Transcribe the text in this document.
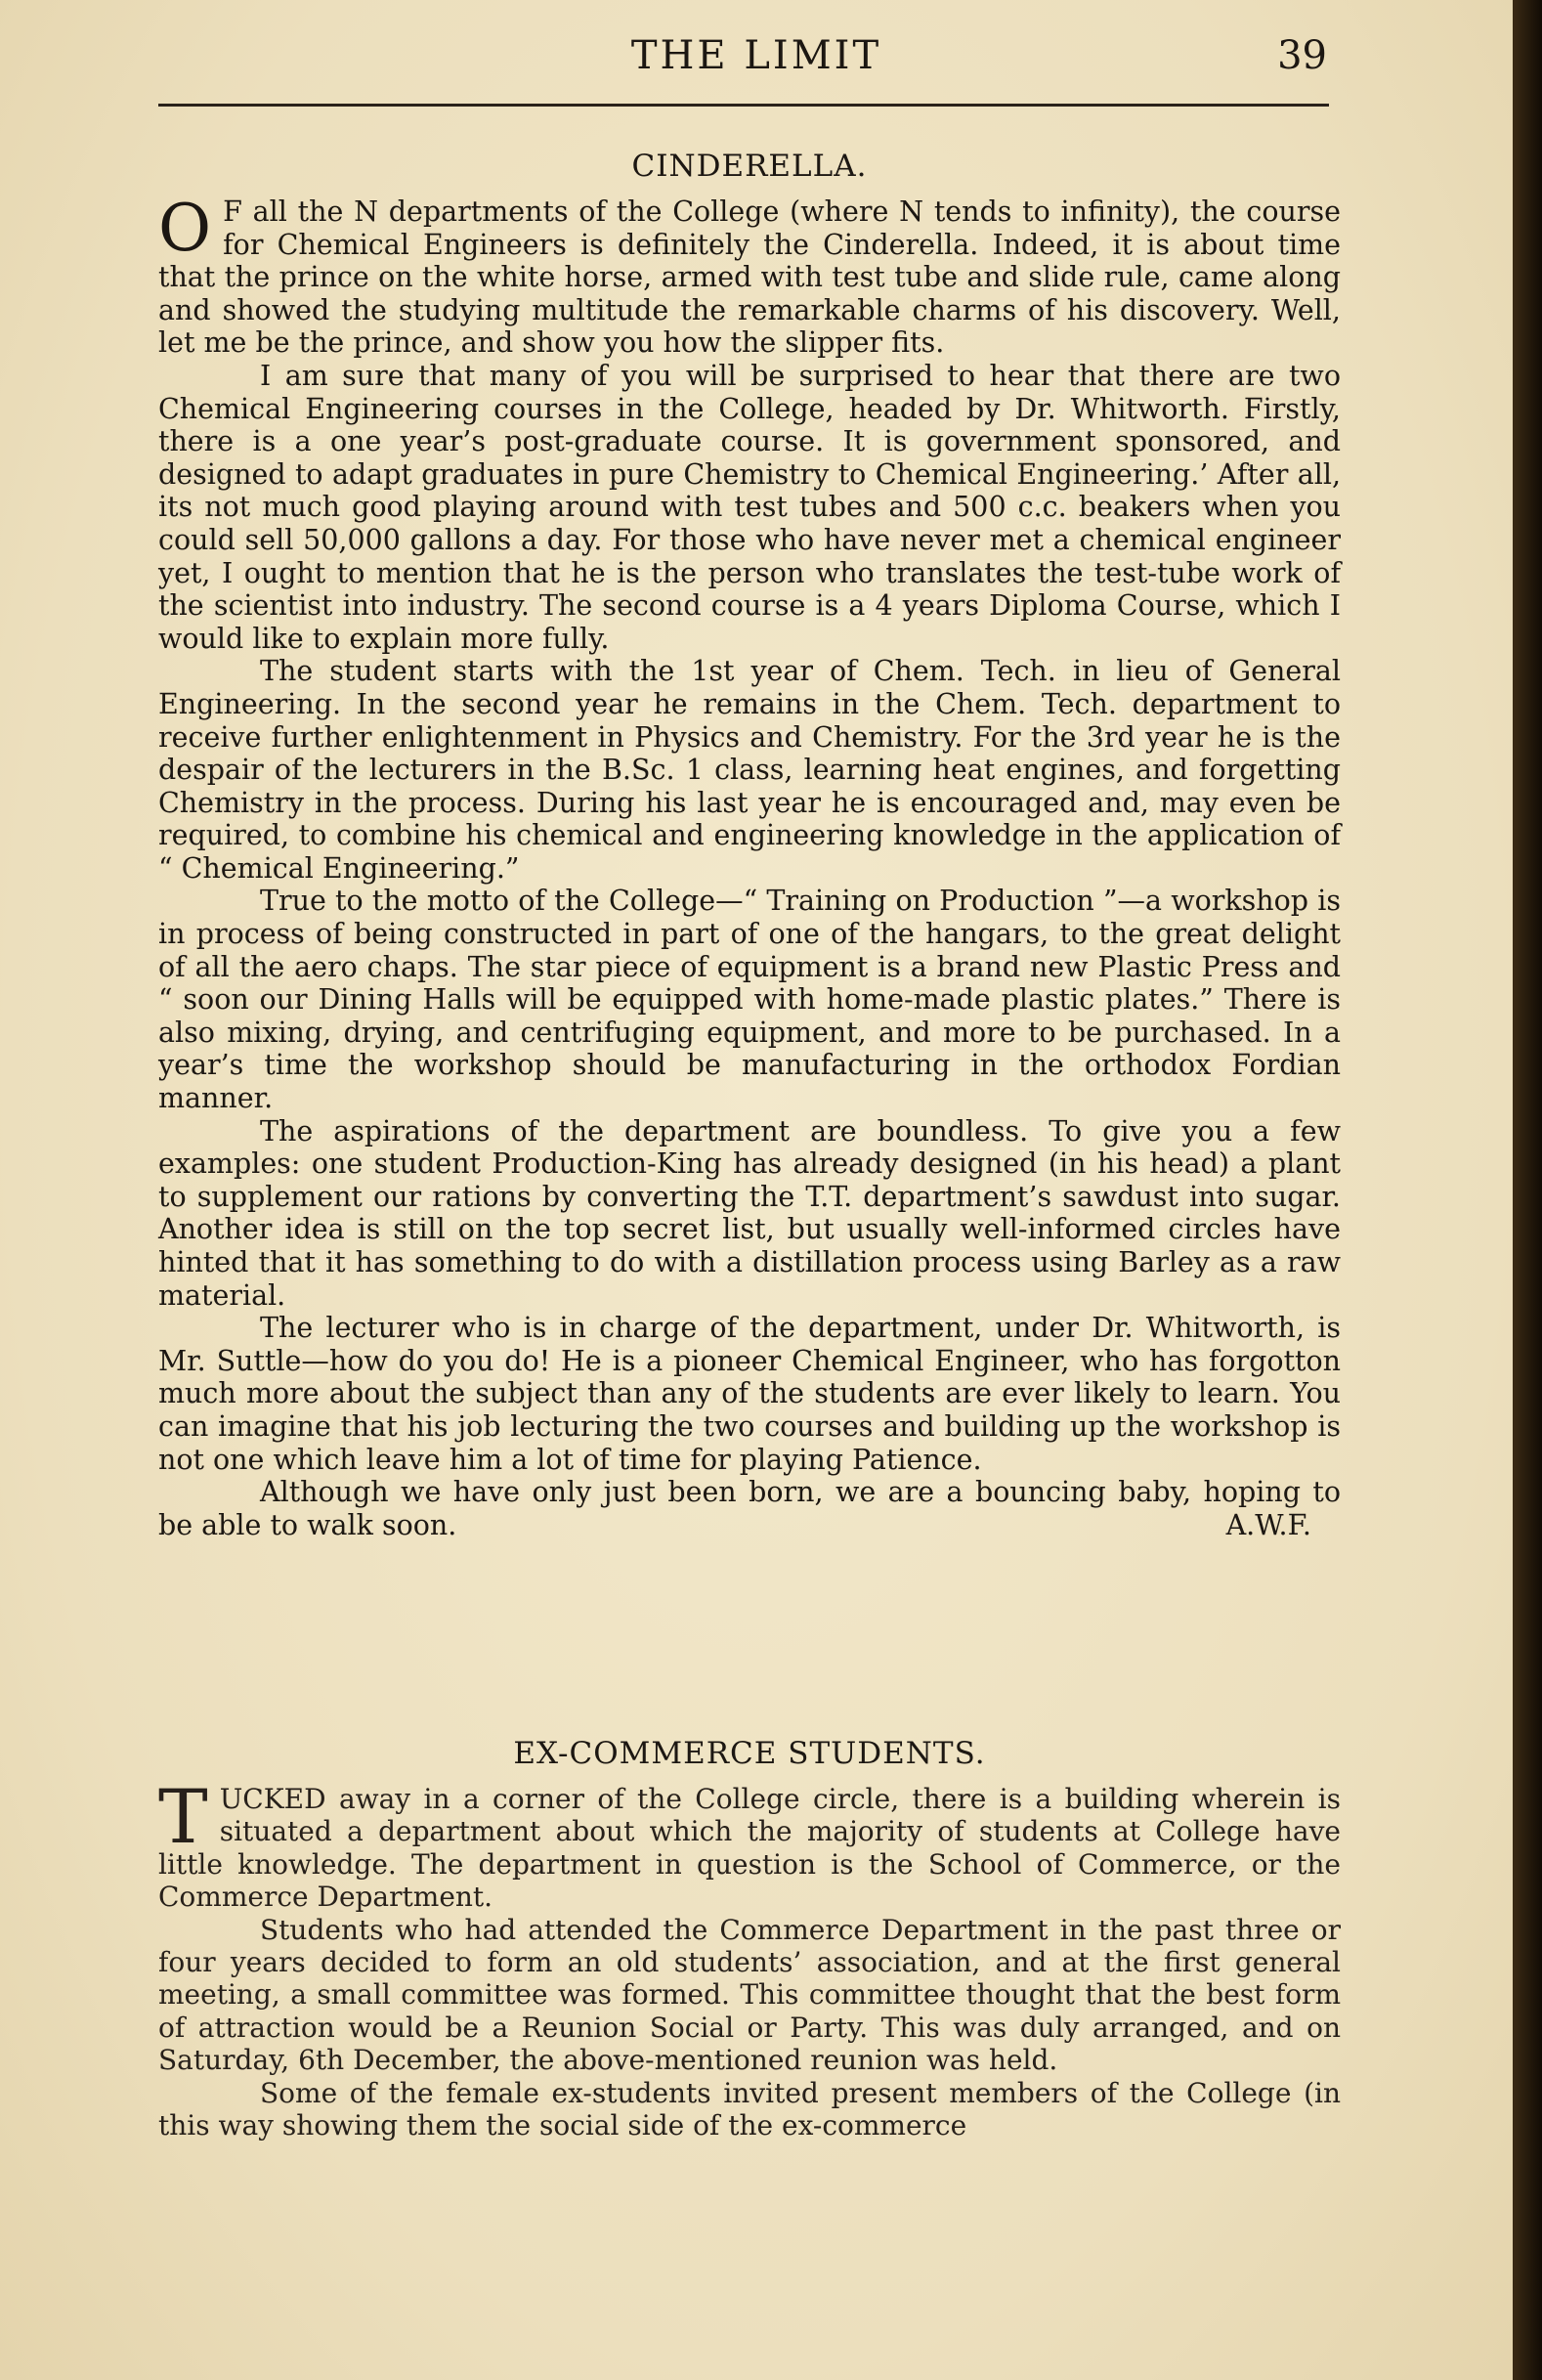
THE LIMIT	39
CINDERELLA.

O F all the N departments of the College (where N tends to infinity), the course for Chemical Engineers is definitely the Cinderella. Indeed, it is about time that the prince on the white horse, armed with test tube and slide rule, came along and showed the studying multitude the remarkable charms of his discovery. Well, let me be the prince, and show you how the slipper fits.

I am sure that many of you will be surprised to hear that there are two Chemical Engineering courses in the College, headed by Dr. Whitworth. Firstly, there is a one year’s post-graduate course. It is government sponsored, and designed to adapt graduates in pure Chemistry to Chemical Engineering.’ After all, its not much good playing around with test tubes and 500 c.c. beakers when you could sell 50,000 gallons a day. For those who have never met a chemical engineer yet, I ought to mention that he is the person who translates the test-tube work of the scientist into industry. The second course is a 4 years Diploma Course, which I would like to explain more fully.

The student starts with the 1st year of Chem. Tech. in lieu of General Engineering. In the second year he remains in the Chem. Tech. department to receive further enlightenment in Physics and Chemistry. For the 3rd year he is the despair of the lecturers in the B.Sc. 1 class, learning heat engines, and forgetting Chemistry in the process. During his last year he is encouraged and, may even be required, to combine his chemical and engineering knowledge in the application of “ Chemical Engineering.”

True to the motto of the College—“ Training on Production ”—a workshop is in process of being constructed in part of one of the hangars, to the great delight of all the aero chaps. The star piece of equipment is a brand new Plastic Press and “ soon our Dining Halls will be equipped with home-made plastic plates.” There is also mixing, drying, and centrifuging equipment, and more to be purchased. In a year’s time the workshop should be manufacturing in the orthodox Fordian manner.

The aspirations of the department are boundless. To give you a few examples: one student Production-King has already designed (in his head) a plant to supplement our rations by converting the T.T. department’s sawdust into sugar. Another idea is still on the top secret list, but usually well-informed circles have hinted that it has something to do with a distillation process using Barley as a raw material.

The lecturer who is in charge of the department, under Dr. Whitworth, is Mr. Suttle—how do you do! He is a pioneer Chemical Engineer, who has forgotton much more about the subject than any of the students are ever likely to learn. You can imagine that his job lecturing the two courses and building up the workshop is not one which leave him a lot of time for playing Patience.

Although we have only just been born, we are a bouncing baby, hoping to be able to walk soon.	A.W.F.

EX-COMMERCE STUDENTS.

TUCKED away in a corner of the College circle, there is a building wherein is situated a department about which the majority of students at College have little knowledge. The department in question is the School of Commerce, or the Commerce Department.

Students who had attended the Commerce Department in the past three or four years decided to form an old students’ association, and at the first general meeting, a small committee was formed. This committee thought that the best form of attraction would be a Reunion Social or Party. This was duly arranged, and on Saturday, 6th December, the above-mentioned reunion was held.

Some of the female ex-students invited present members of the College (in this way showing them the social side of the ex-commerce
